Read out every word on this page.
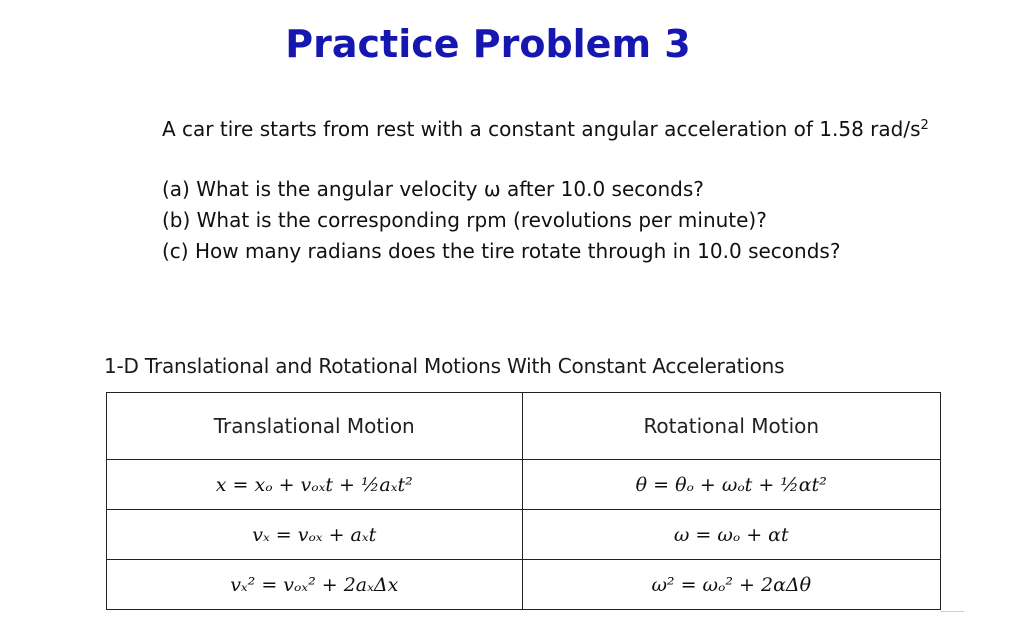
Practice Problem 3
A car tire starts from rest with a constant angular acceleration of 1.58 rad/$s^2$
(a) What is the angular velocity ω after 10.0 seconds?
(b) What is the corresponding rpm (revolutions per minute)?
(c) How many radians does the tire rotate through in 10.0 seconds?
1-D Translational and Rotational Motions With Constant Accelerations
Translational Motion	Rotational Motion
x = xₒ + vₒₓt + ½aₓt²	θ = θₒ + ωₒt + ½αt²
vₓ = vₒₓ + aₓt	ω = ωₒ + αt
vₓ² = vₒₓ² + 2aₓΔx	ω² = ωₒ² + 2αΔθ
